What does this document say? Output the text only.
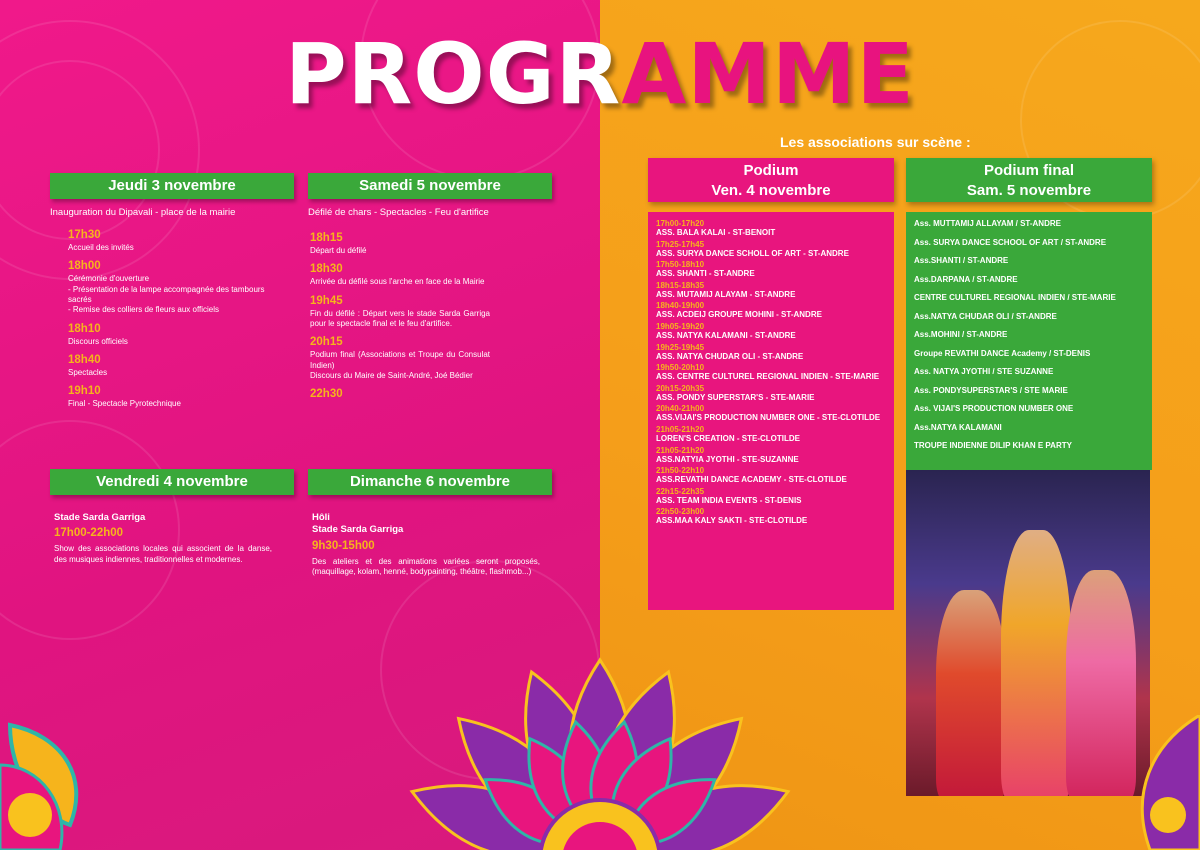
PROGRAMME
Jeudi 3 novembre
Inauguration du Dipavali - place de la mairie
17h30
Accueil des invités
18h00
Cérémonie d'ouverture
- Présentation de la lampe accompagnée des tambours sacrés
- Remise des colliers de fleurs aux officiels
18h10
Discours officiels
18h40
Spectacles
19h10
Final - Spectacle Pyrotechnique
Samedi 5 novembre
Défilé de chars - Spectacles - Feu d'artifice
18h15
Départ du défilé
18h30
Arrivée du défilé sous l'arche en face de la Mairie
19h45
Fin du défilé : Départ vers le stade Sarda Garriga pour le spectacle final et le feu d'artifice.
20h15
Podium final (Associations et Troupe du Consulat Indien)
Discours du Maire de Saint-André, Joé Bédier
22h30
Vendredi 4 novembre
Stade Sarda Garriga
17h00-22h00
Show des associations locales qui associent de la danse, des musiques indiennes, traditionnelles et modernes.
Dimanche 6 novembre
Hôli
Stade Sarda Garriga
9h30-15h00
Des ateliers et des animations variées seront proposés, (maquillage, kolam, henné, bodypainting, théâtre, flashmob...)
Les associations sur scène :
Podium
Ven. 4 novembre
17h00-17h20
ASS. BALA KALAI - ST-BENOIT
17h25-17h45
ASS. SURYA DANCE SCHOLL OF ART - ST-ANDRE
17h50-18h10
ASS. SHANTI - ST-ANDRE
18h15-18h35
ASS. MUTAMIJ ALAYAM - ST-ANDRE
18h40-19h00
ASS. ACDEIJ GROUPE MOHINI - ST-ANDRE
19h05-19h20
ASS. NATYA KALAMANI - ST-ANDRE
19h25-19h45
ASS. NATYA CHUDAR OLI - ST-ANDRE
19h50-20h10
ASS. CENTRE CULTUREL REGIONAL INDIEN - STE-MARIE
20h15-20h35
ASS. PONDY SUPERSTAR'S - STE-MARIE
20h40-21h00
ASS.VIJAI'S PRODUCTION NUMBER ONE - STE-CLOTILDE
21h05-21h20
LOREN'S CREATION - STE-CLOTILDE
21h05-21h20
ASS.NATYIA JYOTHI - STE-SUZANNE
21h50-22h10
ASS.REVATHI DANCE ACADEMY - STE-CLOTILDE
22h15-22h35
ASS. TEAM INDIA EVENTS - ST-DENIS
22h50-23h00
ASS.MAA KALY SAKTI - STE-CLOTILDE
Podium final
Sam. 5 novembre
Ass. MUTTAMIJ ALLAYAM / ST-ANDRE
Ass. SURYA DANCE SCHOOL OF ART / ST-ANDRE
Ass.SHANTI / ST-ANDRE
Ass.DARPANA / ST-ANDRE
CENTRE CULTUREL REGIONAL INDIEN / STE-MARIE
Ass.NATYA CHUDAR OLI / ST-ANDRE
Ass.MOHINI / ST-ANDRE
Groupe REVATHI DANCE Academy / ST-DENIS
Ass. NATYA JYOTHI / STE SUZANNE
Ass. PONDYSUPERSTAR'S / STE MARIE
Ass. VIJAI'S PRODUCTION NUMBER ONE
Ass.NATYA KALAMANI
TROUPE INDIENNE DILIP KHAN E PARTY
